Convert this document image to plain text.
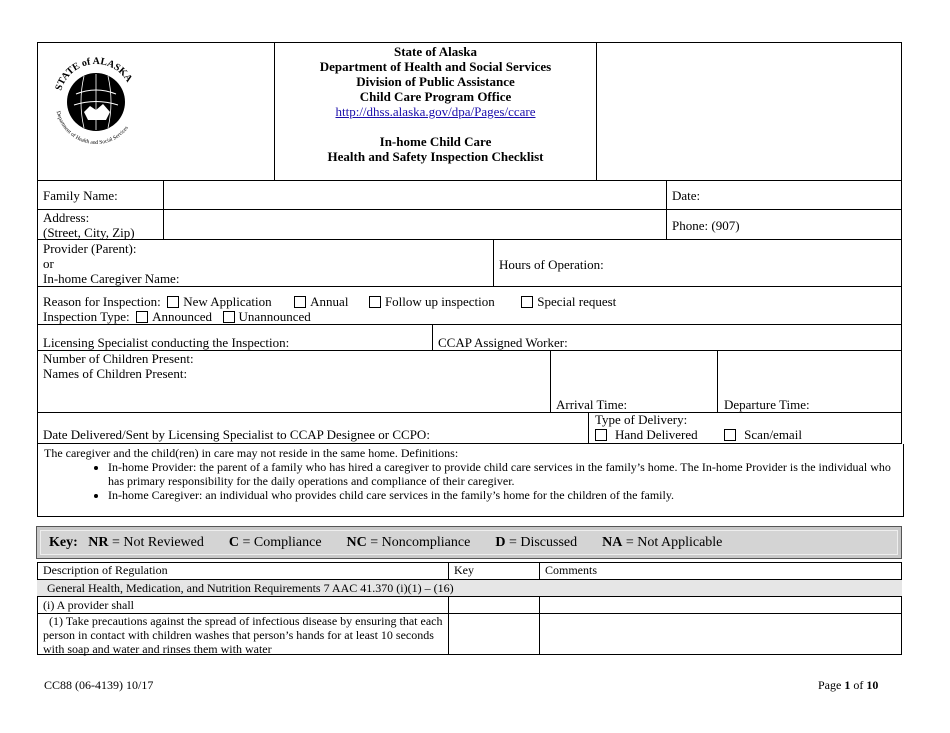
STATE of ALASKA
Department of Health and Social Services
State of Alaska
Department of Health and Social Services
Division of Public Assistance
Child Care Program Office
http://dhss.alaska.gov/dpa/Pages/ccare
In-home Child Care
Health and Safety Inspection Checklist
Family Name:	Date:
Address:
(Street, City, Zip)	Phone: (907)
Provider (Parent):
or
In-home Caregiver Name:
Hours of Operation:
Reason for Inspection: New Application	Annual	Follow up inspection	Special request
Inspection Type: Announced Unannounced
Licensing Specialist conducting the Inspection:	CCAP Assigned Worker:
Number of Children Present:
Names of Children Present:
Arrival Time:	Departure Time:
Date Delivered/Sent by Licensing Specialist to CCAP Designee or CCPO:
Type of Delivery:
Hand Delivered	Scan/email
The caregiver and the child(ren) in care may not reside in the same home. Definitions:
• In-home Provider: the parent of a family who has hired a caregiver to provide child care services in the family’s home. The In-home Provider is the individual who has primary responsibility for the daily operations and compliance of their caregiver.
• In-home Caregiver: an individual who provides child care services in the family’s home for the children of the family.
Key: NR = Not Reviewed C = Compliance NC = Noncompliance D = Discussed NA = Not Applicable
Description of Regulation	Key	Comments
General Health, Medication, and Nutrition Requirements 7 AAC 41.370 (i)(1) – (16)
(i) A provider shall
(1) Take precautions against the spread of infectious disease by ensuring that each person in contact with children washes that person’s hands for at least 10 seconds with soap and water and rinses them with water
CC88 (06-4139) 10/17	Page 1 of 10
